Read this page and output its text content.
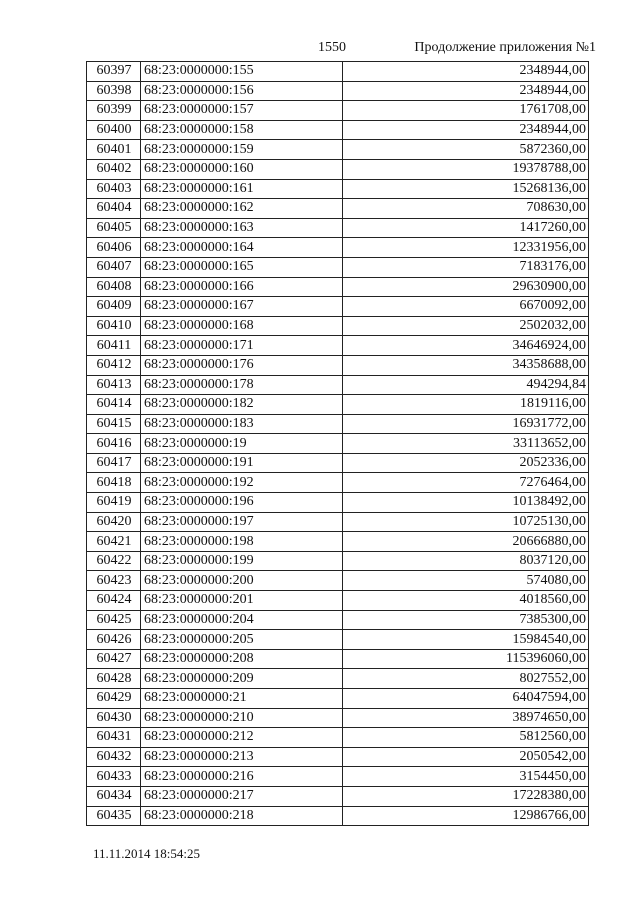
1550	Продолжение приложения №1
60397	68:23:0000000:155	2348944,00
60398	68:23:0000000:156	2348944,00
60399	68:23:0000000:157	1761708,00
60400	68:23:0000000:158	2348944,00
60401	68:23:0000000:159	5872360,00
60402	68:23:0000000:160	19378788,00
60403	68:23:0000000:161	15268136,00
60404	68:23:0000000:162	708630,00
60405	68:23:0000000:163	1417260,00
60406	68:23:0000000:164	12331956,00
60407	68:23:0000000:165	7183176,00
60408	68:23:0000000:166	29630900,00
60409	68:23:0000000:167	6670092,00
60410	68:23:0000000:168	2502032,00
60411	68:23:0000000:171	34646924,00
60412	68:23:0000000:176	34358688,00
60413	68:23:0000000:178	494294,84
60414	68:23:0000000:182	1819116,00
60415	68:23:0000000:183	16931772,00
60416	68:23:0000000:19	33113652,00
60417	68:23:0000000:191	2052336,00
60418	68:23:0000000:192	7276464,00
60419	68:23:0000000:196	10138492,00
60420	68:23:0000000:197	10725130,00
60421	68:23:0000000:198	20666880,00
60422	68:23:0000000:199	8037120,00
60423	68:23:0000000:200	574080,00
60424	68:23:0000000:201	4018560,00
60425	68:23:0000000:204	7385300,00
60426	68:23:0000000:205	15984540,00
60427	68:23:0000000:208	115396060,00
60428	68:23:0000000:209	8027552,00
60429	68:23:0000000:21	64047594,00
60430	68:23:0000000:210	38974650,00
60431	68:23:0000000:212	5812560,00
60432	68:23:0000000:213	2050542,00
60433	68:23:0000000:216	3154450,00
60434	68:23:0000000:217	17228380,00
60435	68:23:0000000:218	12986766,00
11.11.2014 18:54:25
